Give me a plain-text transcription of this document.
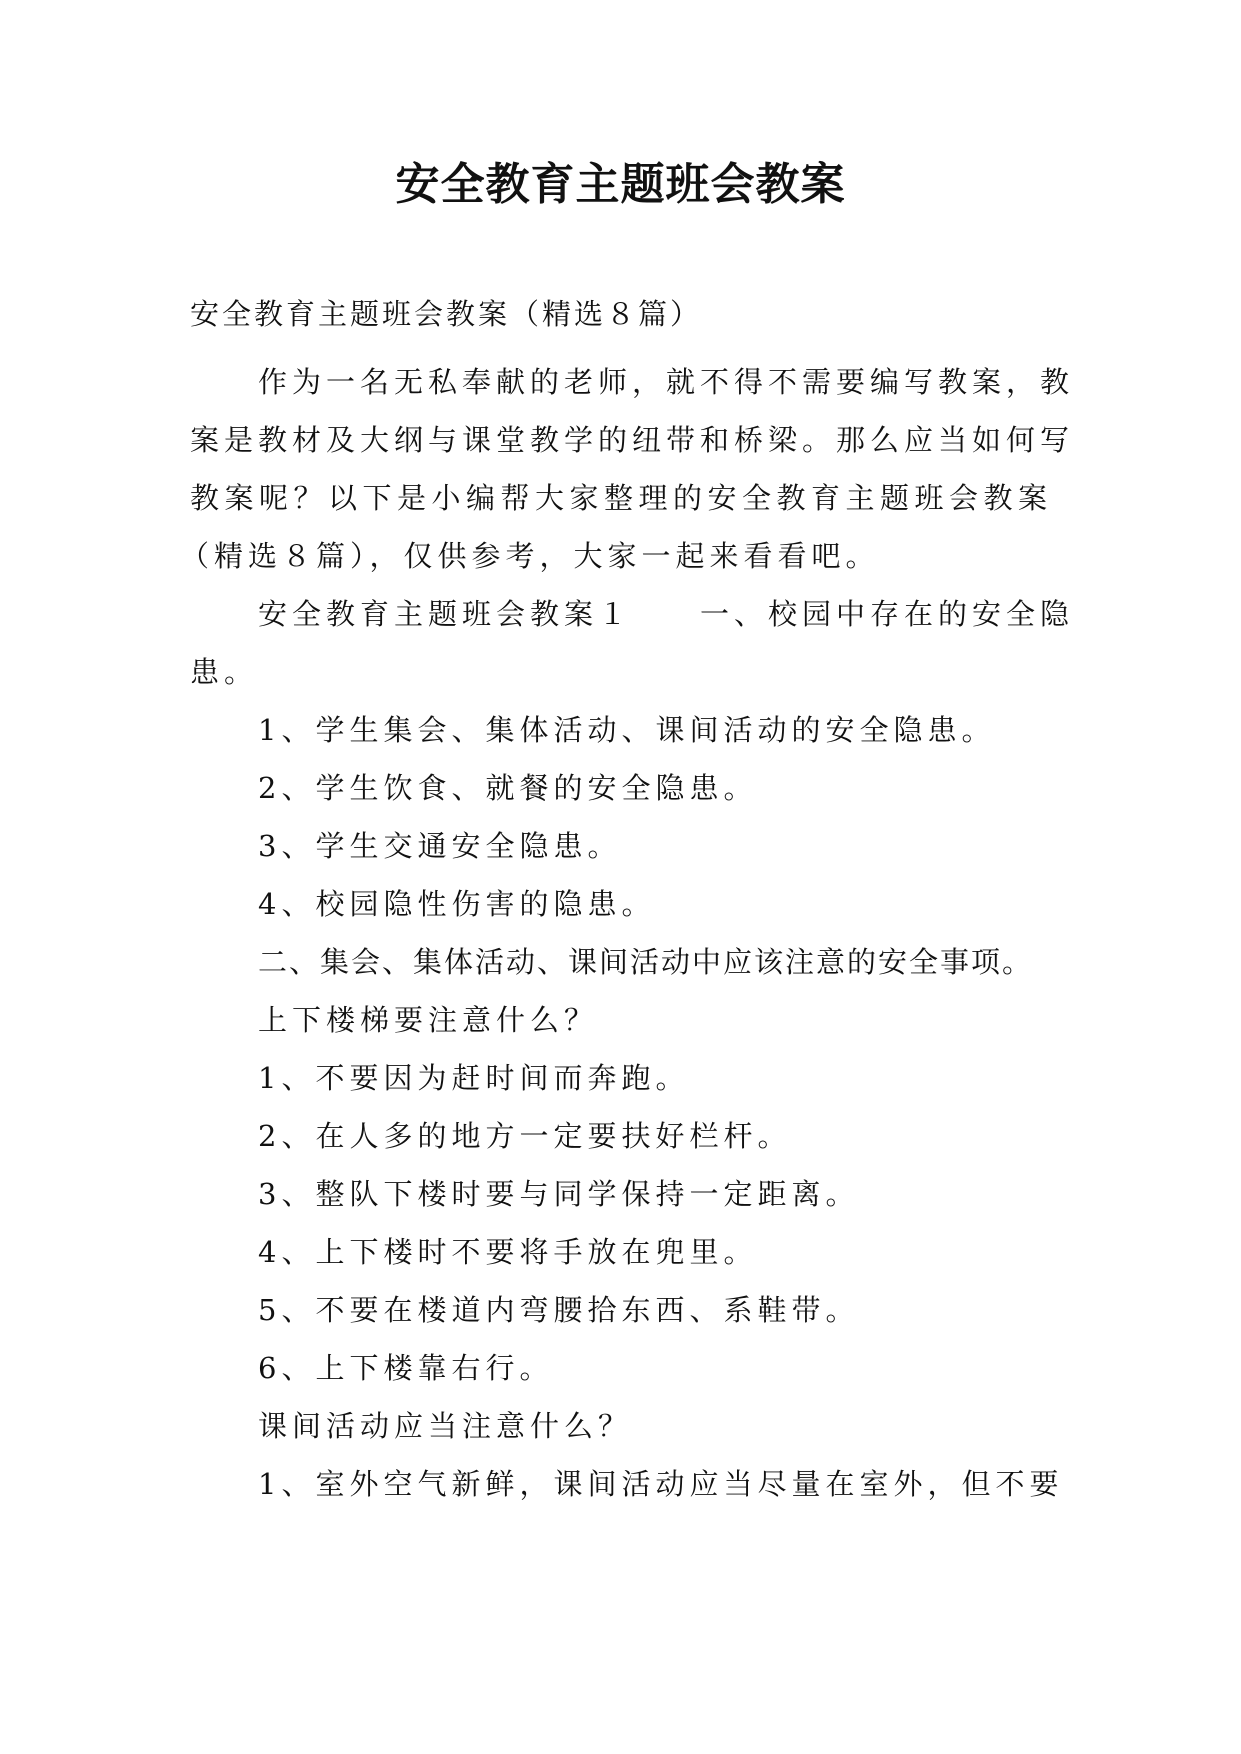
安全教育主题班会教案
安全教育主题班会教案（精选８篇）
作为一名无私奉献的老师，就不得不需要编写教案，教
案是教材及大纲与课堂教学的纽带和桥梁。那么应当如何写
教案呢？以下是小编帮大家整理的安全教育主题班会教案
（精选８篇），仅供参考，大家一起来看看吧。
安全教育主题班会教案１　　一、校园中存在的安全隐
患。
1、学生集会、集体活动、课间活动的安全隐患。
2、学生饮食、就餐的安全隐患。
3、学生交通安全隐患。
4、校园隐性伤害的隐患。
二、集会、集体活动、课间活动中应该注意的安全事项。
上下楼梯要注意什么？
1、不要因为赶时间而奔跑。
2、在人多的地方一定要扶好栏杆。
3、整队下楼时要与同学保持一定距离。
4、上下楼时不要将手放在兜里。
5、不要在楼道内弯腰拾东西、系鞋带。
6、上下楼靠右行。
课间活动应当注意什么？
1、室外空气新鲜，课间活动应当尽量在室外，但不要
